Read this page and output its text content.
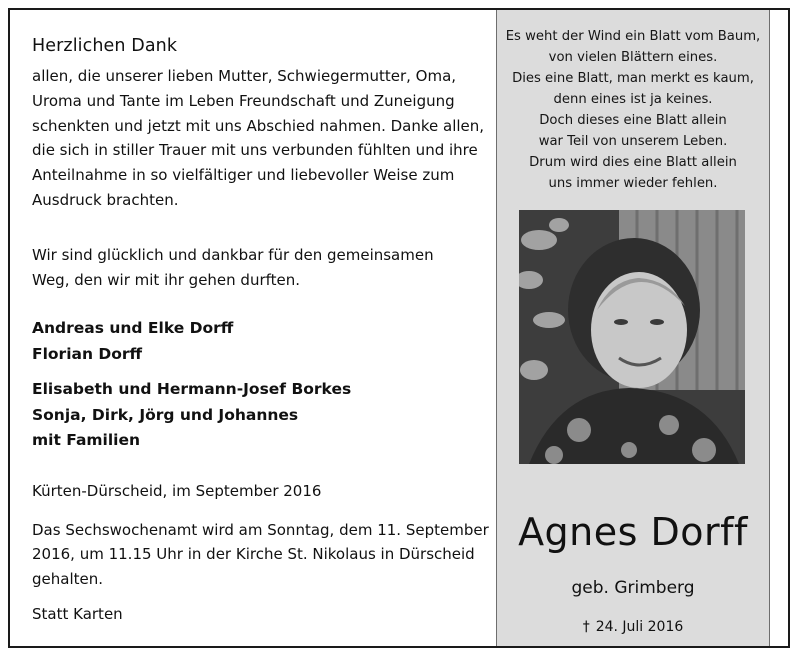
Herzlichen Dank
allen, die unserer lieben Mutter, Schwiegermutter, Oma,
Uroma und Tante im Leben Freundschaft und Zuneigung
schenkten und jetzt mit uns Abschied nahmen. Danke allen,
die sich in stiller Trauer mit uns verbunden fühlten und ihre
Anteilnahme in so vielfältiger und liebevoller Weise zum
Ausdruck brachten.
Wir sind glücklich und dankbar für den gemeinsamen
Weg, den wir mit ihr gehen durften.
Andreas und Elke Dorff
Florian Dorff
Elisabeth und Hermann-Josef Borkes
Sonja, Dirk, Jörg und Johannes
mit Familien
Kürten-Dürscheid, im September 2016
Das Sechswochenamt wird am Sonntag, dem 11. September
2016, um 11.15 Uhr in der Kirche St. Nikolaus in Dürscheid
gehalten.
Statt Karten
Es weht der Wind ein Blatt vom Baum,
von vielen Blättern eines.
Dies eine Blatt, man merkt es kaum,
denn eines ist ja keines.
Doch dieses eine Blatt allein
war Teil von unserem Leben.
Drum wird dies eine Blatt allein
uns immer wieder fehlen.
Agnes Dorff
geb. Grimberg
† 24. Juli 2016
